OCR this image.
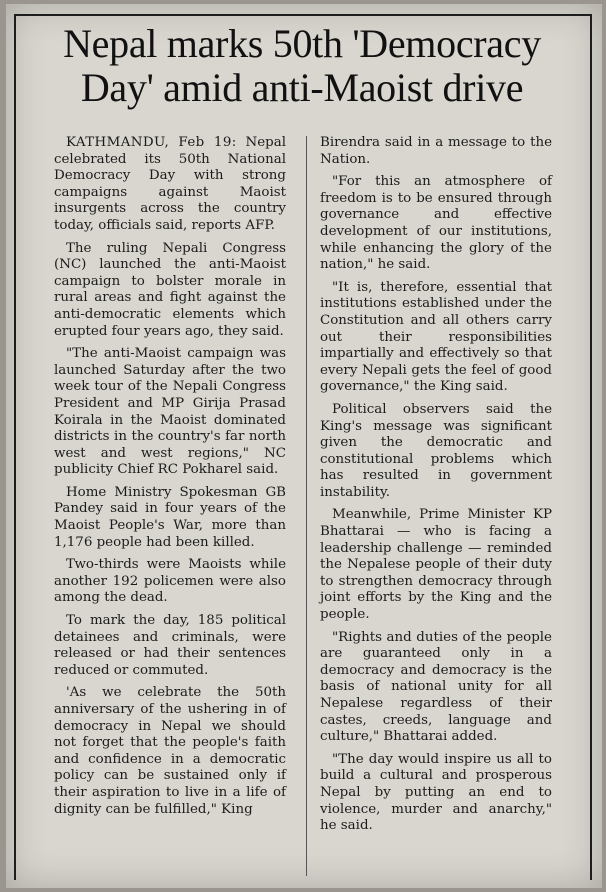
Nepal marks 50th 'Democracy
Day' amid anti-Maoist drive

KATHMANDU, Feb 19: Nepal celebrated its 50th National Democracy Day with strong campaigns against Maoist insurgents across the country today, officials said, reports AFP.

The ruling Nepali Congress (NC) launched the anti-Maoist campaign to bolster morale in rural areas and fight against the anti-democratic elements which erupted four years ago, they said.

"The anti-Maoist campaign was launched Saturday after the two week tour of the Nepali Congress President and MP Girija Prasad Koirala in the Maoist dominated districts in the country's far north west and west regions," NC publicity Chief RC Pokharel said.

Home Ministry Spokesman GB Pandey said in four years of the Maoist People's War, more than 1,176 people had been killed.

Two-thirds were Maoists while another 192 policemen were also among the dead.

To mark the day, 185 political detainees and criminals, were released or had their sentences reduced or commuted.

'As we celebrate the 50th anniversary of the ushering in of democracy in Nepal we should not forget that the people's faith and confidence in a democratic policy can be sustained only if their aspiration to live in a life of dignity can be fulfilled," King

Birendra said in a message to the Nation.

"For this an atmosphere of freedom is to be ensured through governance and effective development of our institutions, while enhancing the glory of the nation," he said.

"It is, therefore, essential that institutions established under the Constitution and all others carry out their responsibilities impartially and effectively so that every Nepali gets the feel of good governance," the King said.

Political observers said the King's message was significant given the democratic and constitutional problems which has resulted in government instability.

Meanwhile, Prime Minister KP Bhattarai — who is facing a leadership challenge — reminded the Nepalese people of their duty to strengthen democracy through joint efforts by the King and the people.

"Rights and duties of the people are guaranteed only in a democracy and democracy is the basis of national unity for all Nepalese regardless of their castes, creeds, language and culture," Bhattarai added.

"The day would inspire us all to build a cultural and prosperous Nepal by putting an end to violence, murder and anarchy," he said.
